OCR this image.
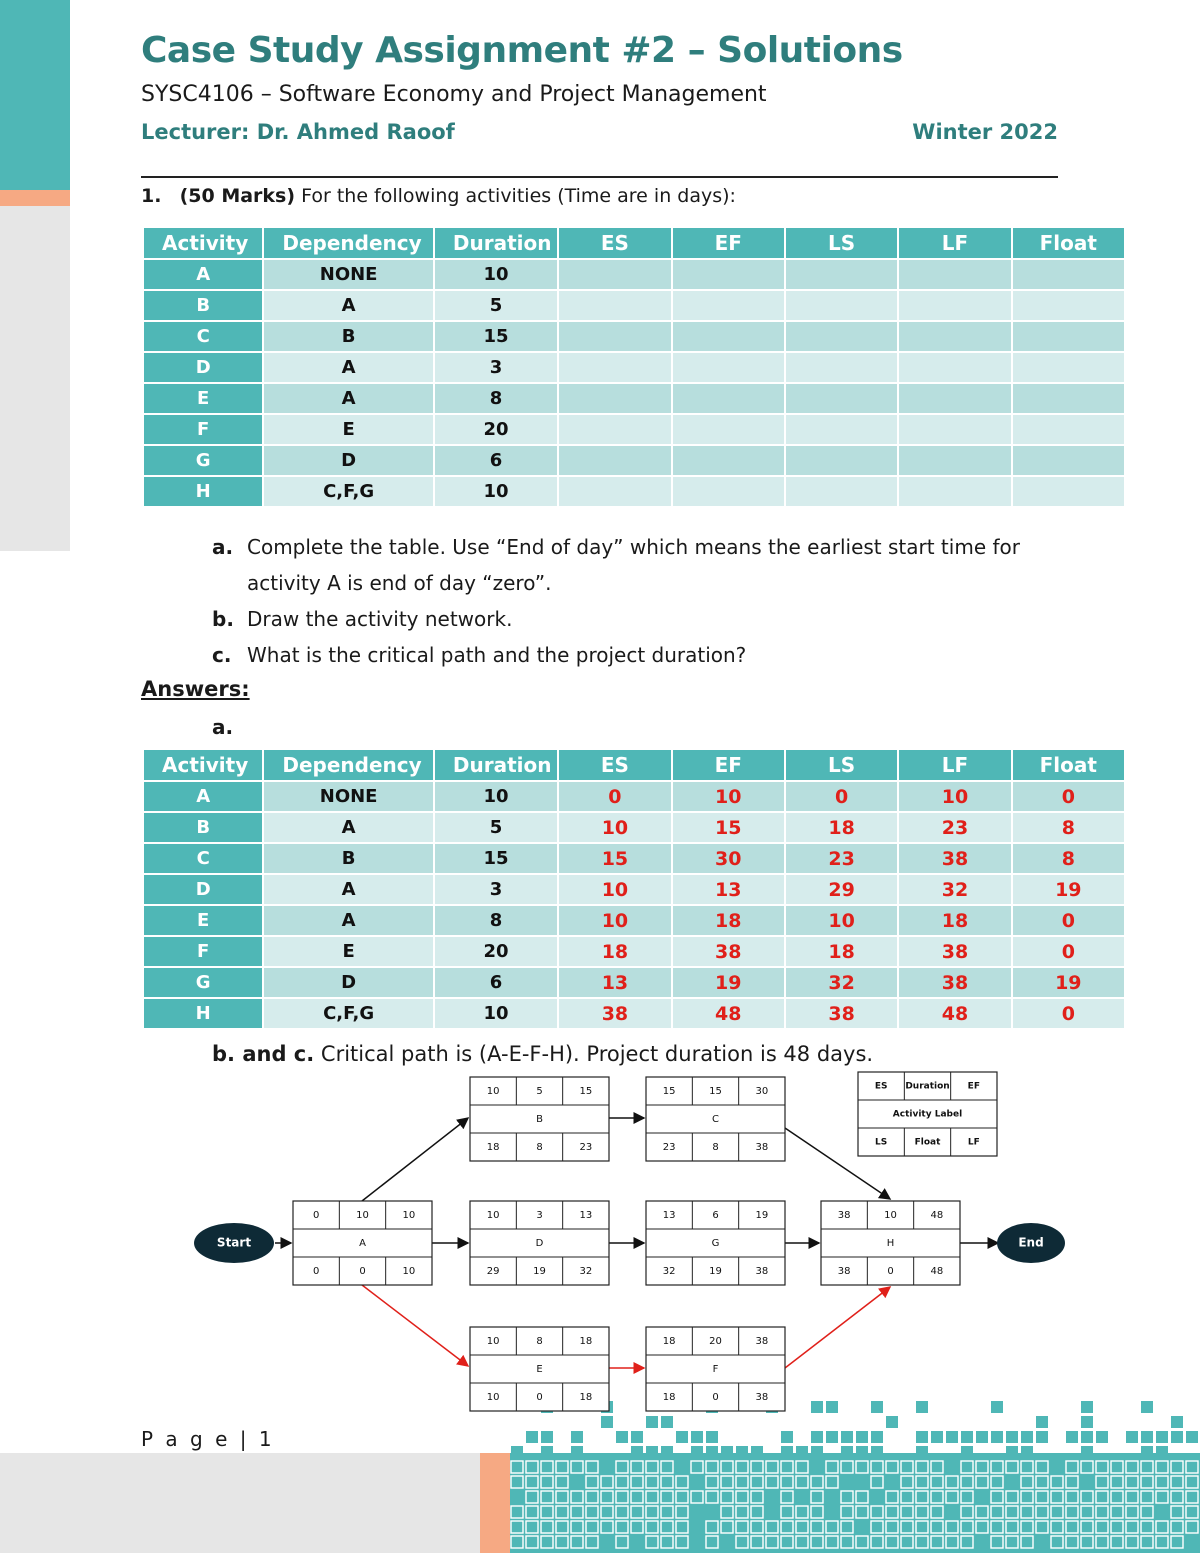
Case Study Assignment #2 – Solutions
SYSC4106 – Software Economy and Project Management
Lecturer: Dr. Ahmed Raoof	Winter 2022
1. (50 Marks) For the following activities (Time are in days):
Activity	Dependency	Duration	ES	EF	LS	LF	Float
A	NONE	10					
B	A	5					
C	B	15					
D	A	3					
E	A	8					
F	E	20					
G	D	6					
H	C,F,G	10					
a. Complete the table. Use “End of day” which means the earliest start time for activity A is end of day “zero”.
b. Draw the activity network.
c. What is the critical path and the project duration?
Answers:
a.
Activity	Dependency	Duration	ES	EF	LS	LF	Float
A	NONE	10	0	10	0	10	0
B	A	5	10	15	18	23	8
C	B	15	15	30	23	38	8
D	A	3	10	13	29	32	19
E	A	8	10	18	10	18	0
F	E	20	18	38	18	38	0
G	D	6	13	19	32	38	19
H	C,F,G	10	38	48	38	48	0
b. and c. Critical path is (A-E-F-H). Project duration is 48 days.
10	5	15
B
18	8	23
15	15	30
C
23	8	38
0	10	10
A
0	0	10
10	3	13
D
29	19	32
13	6	19
G
32	19	38
38	10	48
H
38	0	48
10	8	18
E
10	0	18
18	20	38
F
18	0	38
Start	End
ES Duration EF
Activity Label
LS	Float	LF
P a g e | 1
